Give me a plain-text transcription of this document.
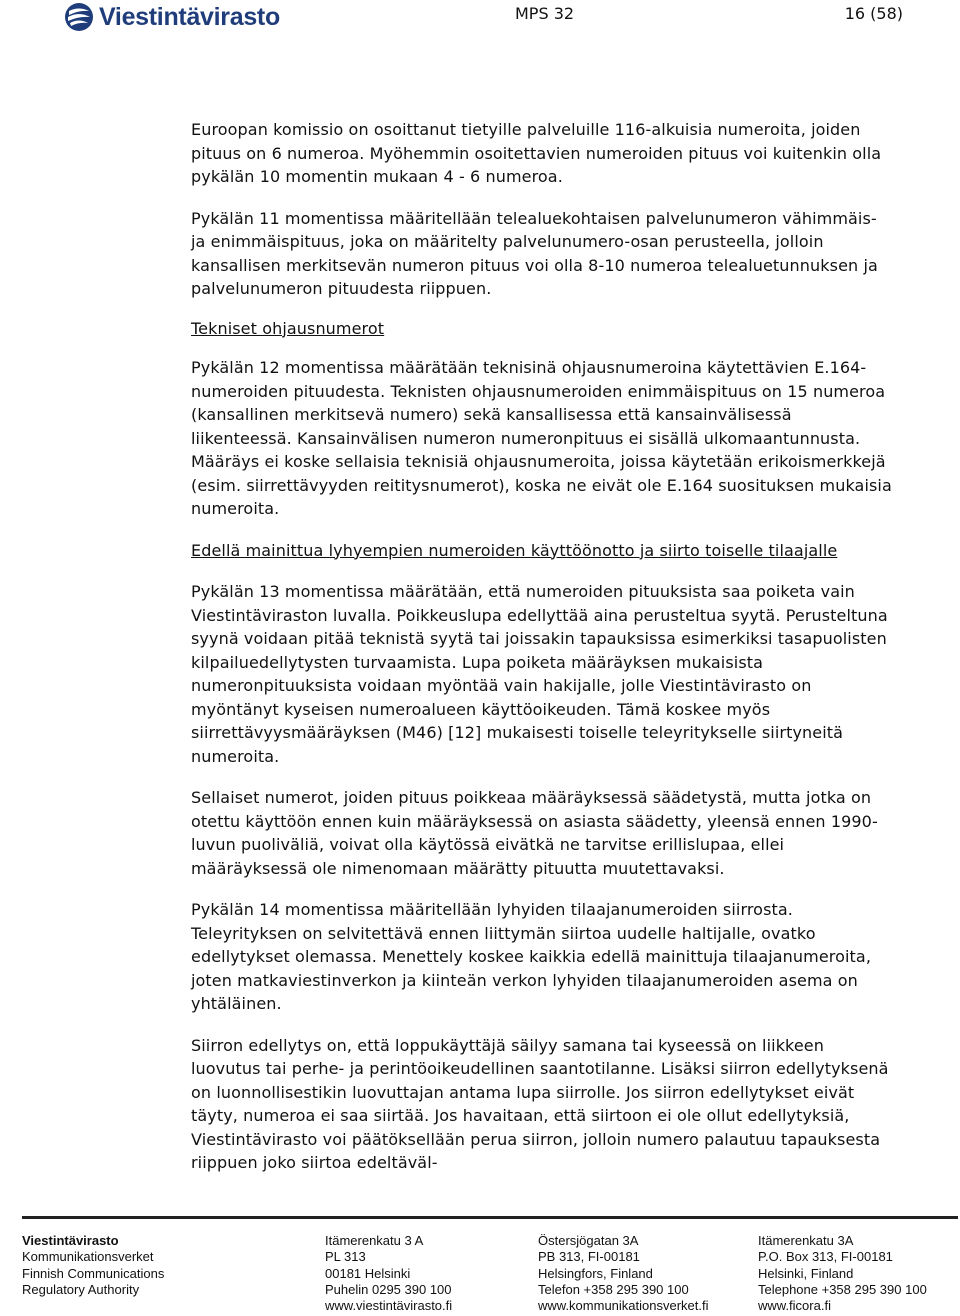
Viestintävirasto	MPS 32	16 (58)

Euroopan komissio on osoittanut tietyille palveluille 116-alkuisia numeroita, joiden pituus on 6 numeroa. Myöhemmin osoitettavien numeroiden pituus voi kuitenkin olla pykälän 10 momentin mukaan 4 - 6 numeroa.

Pykälän 11 momentissa määritellään telealuekohtaisen palvelunumeron vähimmäis- ja enimmäispituus, joka on määritelty palvelunumero-osan perusteella, jolloin kansallisen merkitsevän numeron pituus voi olla 8-10 numeroa telealuetunnuksen ja palvelunumeron pituudesta riippuen.

Tekniset ohjausnumerot

Pykälän 12 momentissa määrätään teknisinä ohjausnumeroina käytettävien E.164-numeroiden pituudesta. Teknisten ohjausnumeroiden enimmäispituus on 15 numeroa (kansallinen merkitsevä numero) sekä kansallisessa että kansainvälisessä liikenteessä. Kansainvälisen numeron numeronpituus ei sisällä ulkomaantunnusta. Määräys ei koske sellaisia teknisiä ohjausnumeroita, joissa käytetään erikoismerkkejä (esim. siirrettävyyden reititysnumerot), koska ne eivät ole E.164 suosituksen mukaisia numeroita.

Edellä mainittua lyhyempien numeroiden käyttöönotto ja siirto toiselle tilaajalle

Pykälän 13 momentissa määrätään, että numeroiden pituuksista saa poiketa vain Viestintäviraston luvalla. Poikkeuslupa edellyttää aina perusteltua syytä. Perusteltuna syynä voidaan pitää teknistä syytä tai joissakin tapauksissa esimerkiksi tasapuolisten kilpailuedellytysten turvaamista. Lupa poiketa määräyksen mukaisista numeronpituuksista voidaan myöntää vain hakijalle, jolle Viestintävirasto on myöntänyt kyseisen numeroalueen käyttöoikeuden. Tämä koskee myös siirrettävyysmääräyksen (M46) [12] mukaisesti toiselle teleyritykselle siirtyneitä numeroita.

Sellaiset numerot, joiden pituus poikkeaa määräyksessä säädetystä, mutta jotka on otettu käyttöön ennen kuin määräyksessä on asiasta säädetty, yleensä ennen 1990-luvun puoliväliä, voivat olla käytössä eivätkä ne tarvitse erillislupaa, ellei määräyksessä ole nimenomaan määrätty pituutta muutettavaksi.

Pykälän 14 momentissa määritellään lyhyiden tilaajanumeroiden siirrosta. Teleyrityksen on selvitettävä ennen liittymän siirtoa uudelle haltijalle, ovatko edellytykset olemassa. Menettely koskee kaikkia edellä mainittuja tilaajanumeroita, joten matkaviestinverkon ja kiinteän verkon lyhyiden tilaajanumeroiden asema on yhtäläinen.

Siirron edellytys on, että loppukäyttäjä säilyy samana tai kyseessä on liikkeen luovutus tai perhe- ja perintöoikeudellinen saantotilanne. Lisäksi siirron edellytyksenä on luonnollisestikin luovuttajan antama lupa siirrolle. Jos siirron edellytykset eivät täyty, numeroa ei saa siirtää. Jos havaitaan, että siirtoon ei ole ollut edellytyksiä, Viestintävirasto voi päätöksellään perua siirron, jolloin numero palautuu tapauksesta riippuen joko siirtoa edeltäväl-

Viestintävirasto
Kommunikationsverket
Finnish Communications
Regulatory Authority
Itämerenkatu 3 A
PL 313
00181 Helsinki
Puhelin 0295 390 100
www.viestintävirasto.fi
Östersjögatan 3A
PB 313, FI-00181
Helsingfors, Finland
Telefon +358 295 390 100
www.kommunikationsverket.fi
Itämerenkatu 3A
P.O. Box 313, FI-00181
Helsinki, Finland
Telephone +358 295 390 100
www.ficora.fi
